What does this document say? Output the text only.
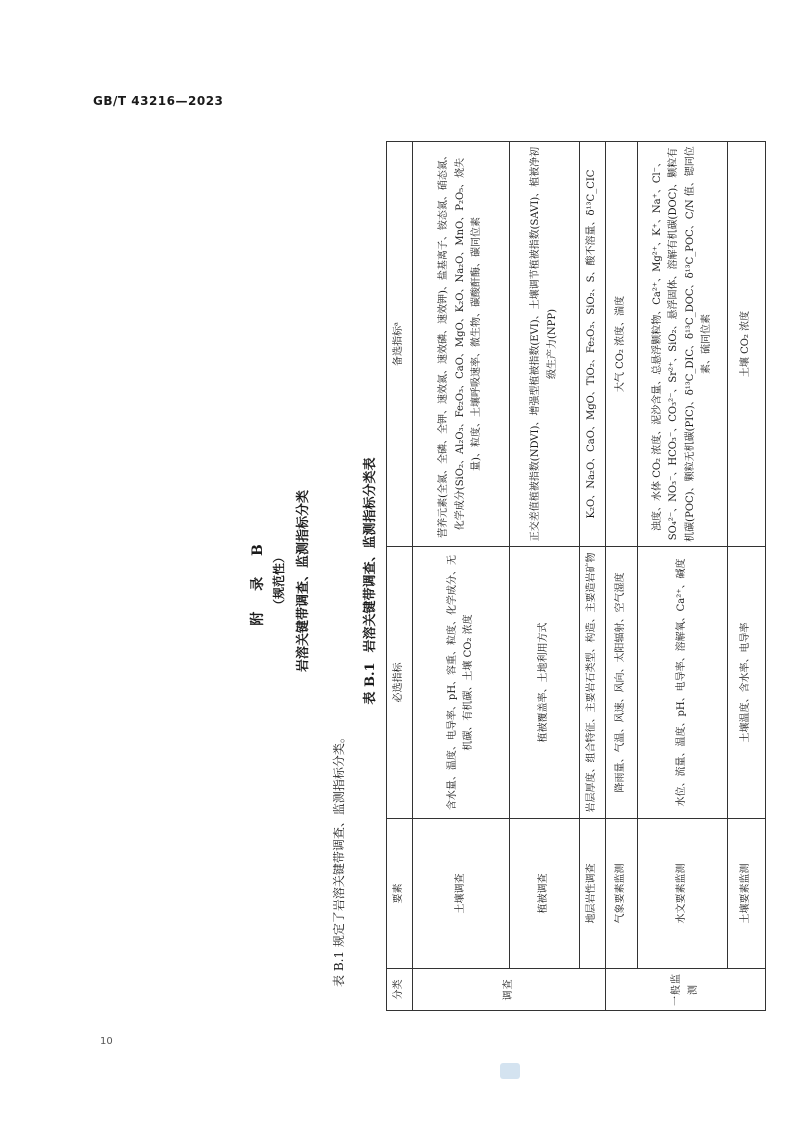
GB/T 43216—2023
附 录 B （规范性） 岩溶关键带调查、监测指标分类
表 B.1 规定了岩溶关键带调查、监测指标分类。
表 B.1岩溶关键带调查、监测指标分类表
分类	要素	必选指标	备选指标ᵃ
调查	土壤调查	含水量、温度、电导率、pH、容重、粒度、化学成分、无机碳、有机碳、土壤 CO₂ 浓度	营养元素(全氮、全磷、全钾、速效氮、速效磷、速效钾)、盐基离子、铵态氮、硝态氮、化学成分(SiO₂、Al₂O₃、Fe₂O₃、CaO、MgO、K₂O、Na₂O、MnO、P₂O₅、烧失量)、粒度、土壤呼吸速率、微生物、碳酸酐酶、碳同位素
	植被调查	植被覆盖率、土地利用方式	正交差值植被指数(NDVI)、增强型植被指数(EVI)、土壤调节植被指数(SAVI)、植被净初级生产力(NPP)
	地层岩性调查	岩层厚度、组合特征、主要岩石类型、构造、主要造岩矿物	K₂O、Na₂O、CaO、MgO、TiO₂、Fe₂O₃、SiO₂、S、酸不溶量、δ¹³C_CIC
一般监测	气象要素监测	降雨量、气温、风速、风向、太阳辐射、空气湿度	大气 CO₂ 浓度、湍度
	水文要素监测	水位、流量、温度、pH、电导率、溶解氧、Ca²⁺、碱度	浊度、水体 CO₂ 浓度、泥沙含量、总悬浮颗粒物、Ca²⁺、Mg²⁺、K⁺、Na⁺、Cl⁻、SO₄²⁻、NO₃⁻、HCO₃⁻、CO₃²⁻、Sr²⁺、SiO₂、悬浮固体、溶解有机碳(DOC)、颗粒有机碳(POC)、颗粒无机碳(PIC)、δ¹³C_DIC、δ¹³C_DOC、δ¹³C_POC、C/N 值、锶同位素、硫同位素
	土壤要素监测	土壤温度、含水率、电导率	土壤 CO₂ 浓度
10
